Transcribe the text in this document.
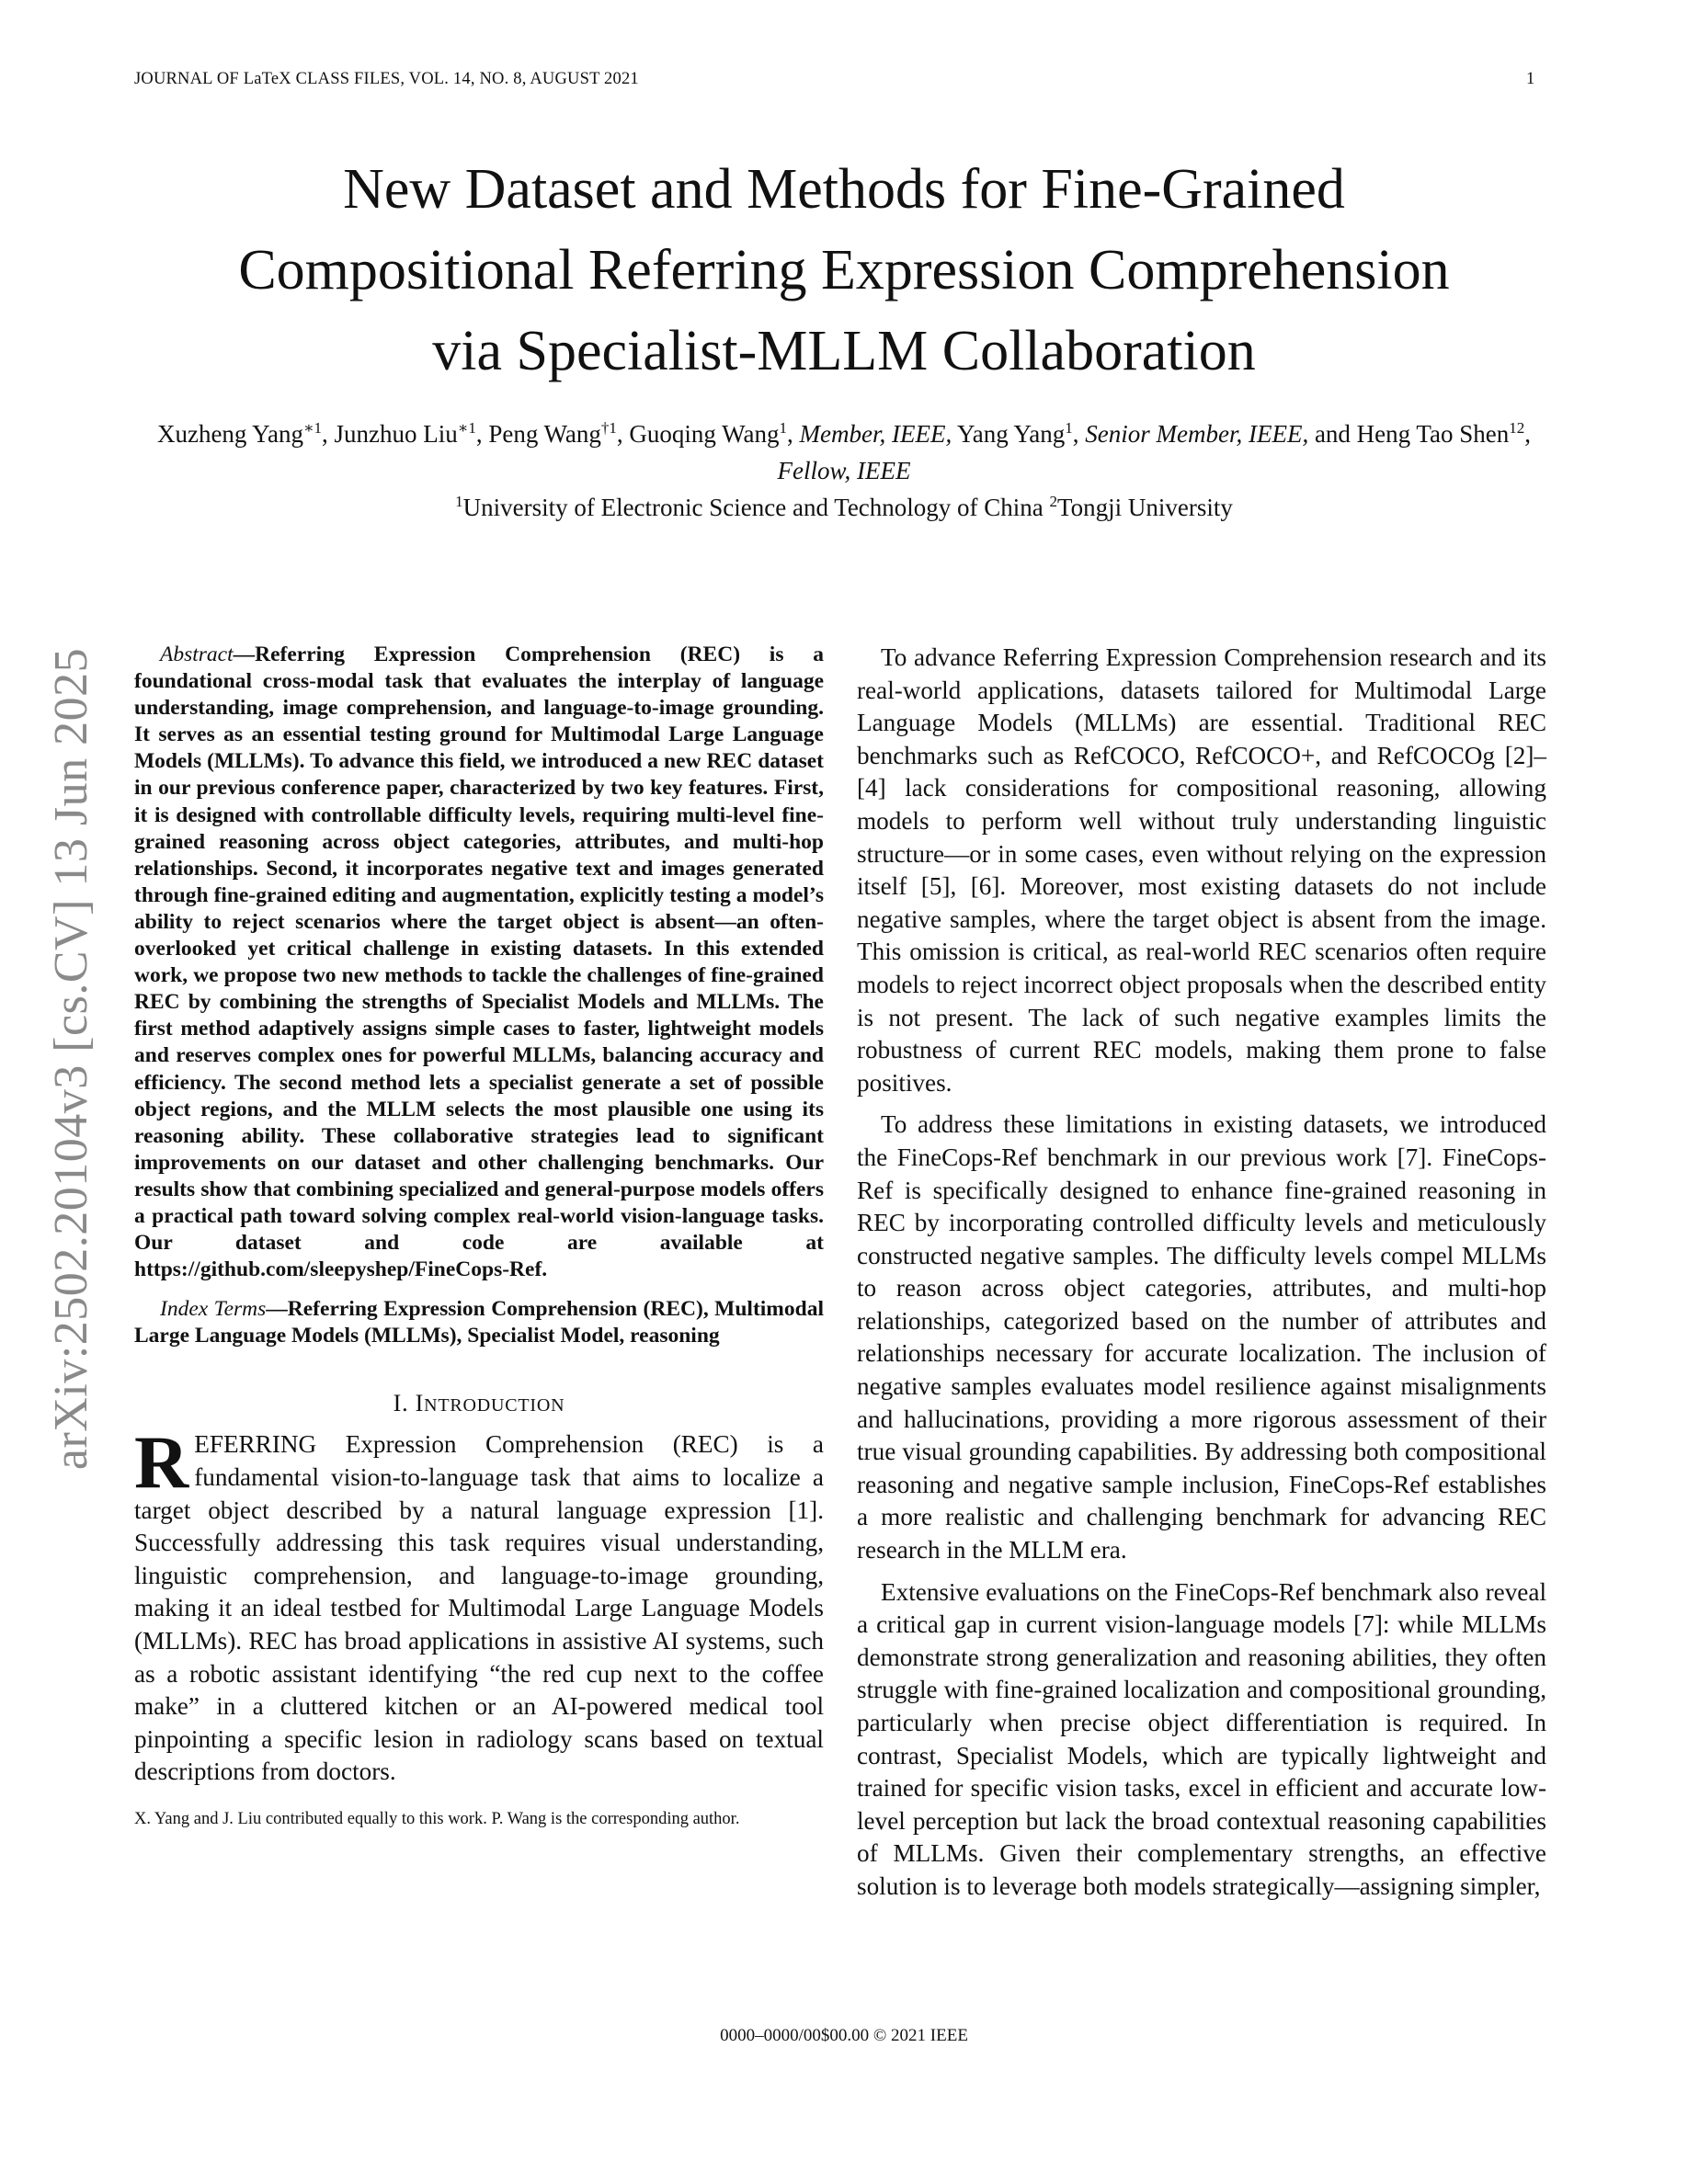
JOURNAL OF LaTeX CLASS FILES, VOL. 14, NO. 8, AUGUST 2021	1
arXiv:2502.20104v3 [cs.CV] 13 Jun 2025
New Dataset and Methods for Fine-Grained
Compositional Referring Expression Comprehension
via Specialist-MLLM Collaboration
Xuzheng Yang$^{∗1}$, Junzhuo Liu$^{∗1}$, Peng Wang$^{\dagger 1}$, Guoqing Wang$^1$, Member, IEEE, Yang Yang$^1$, Senior Member, IEEE, and Heng Tao Shen$^{12}$, Fellow, IEEE
$^1$University of Electronic Science and Technology of China $^2$Tongji University

Abstract—Referring Expression Comprehension (REC) is a foundational cross-modal task that evaluates the interplay of language understanding, image comprehension, and language-to-image grounding. It serves as an essential testing ground for Multimodal Large Language Models (MLLMs). To advance this field, we introduced a new REC dataset in our previous conference paper, characterized by two key features. First, it is designed with controllable difficulty levels, requiring multi-level fine-grained reasoning across object categories, attributes, and multi-hop relationships. Second, it incorporates negative text and images generated through fine-grained editing and augmentation, explicitly testing a model’s ability to reject scenarios where the target object is absent—an often-overlooked yet critical challenge in existing datasets. In this extended work, we propose two new methods to tackle the challenges of fine-grained REC by combining the strengths of Specialist Models and MLLMs. The first method adaptively assigns simple cases to faster, lightweight models and reserves complex ones for powerful MLLMs, balancing accuracy and efficiency. The second method lets a specialist generate a set of possible object regions, and the MLLM selects the most plausible one using its reasoning ability. These collaborative strategies lead to significant improvements on our dataset and other challenging benchmarks. Our results show that combining specialized and general-purpose models offers a practical path toward solving complex real-world vision-language tasks. Our dataset and code are available at https://github.com/sleepyshep/FineCops-Ref.

Index Terms—Referring Expression Comprehension (REC), Multimodal Large Language Models (MLLMs), Specialist Model, reasoning

I. INTRODUCTION

REFERRING Expression Comprehension (REC) is a fundamental vision-to-language task that aims to localize a target object described by a natural language expression [1]. Successfully addressing this task requires visual understanding, linguistic comprehension, and language-to-image grounding, making it an ideal testbed for Multimodal Large Language Models (MLLMs). REC has broad applications in assistive AI systems, such as a robotic assistant identifying “the red cup next to the coffee make” in a cluttered kitchen or an AI-powered medical tool pinpointing a specific lesion in radiology scans based on textual descriptions from doctors.

X. Yang and J. Liu contributed equally to this work. P. Wang is the corresponding author.

To advance Referring Expression Comprehension research and its real-world applications, datasets tailored for Multimodal Large Language Models (MLLMs) are essential. Traditional REC benchmarks such as RefCOCO, RefCOCO+, and RefCOCOg [2]–[4] lack considerations for compositional reasoning, allowing models to perform well without truly understanding linguistic structure—or in some cases, even without relying on the expression itself [5], [6]. Moreover, most existing datasets do not include negative samples, where the target object is absent from the image. This omission is critical, as real-world REC scenarios often require models to reject incorrect object proposals when the described entity is not present. The lack of such negative examples limits the robustness of current REC models, making them prone to false positives.

To address these limitations in existing datasets, we introduced the FineCops-Ref benchmark in our previous work [7]. FineCops-Ref is specifically designed to enhance fine-grained reasoning in REC by incorporating controlled difficulty levels and meticulously constructed negative samples. The difficulty levels compel MLLMs to reason across object categories, attributes, and multi-hop relationships, categorized based on the number of attributes and relationships necessary for accurate localization. The inclusion of negative samples evaluates model resilience against misalignments and hallucinations, providing a more rigorous assessment of their true visual grounding capabilities. By addressing both compositional reasoning and negative sample inclusion, FineCops-Ref establishes a more realistic and challenging benchmark for advancing REC research in the MLLM era.

Extensive evaluations on the FineCops-Ref benchmark also reveal a critical gap in current vision-language models [7]: while MLLMs demonstrate strong generalization and reasoning abilities, they often struggle with fine-grained localization and compositional grounding, particularly when precise object differentiation is required. In contrast, Specialist Models, which are typically lightweight and trained for specific vision tasks, excel in efficient and accurate low-level perception but lack the broad contextual reasoning capabilities of MLLMs. Given their complementary strengths, an effective solution is to leverage both models strategically—assigning simpler,

0000–0000/00$00.00 © 2021 IEEE
